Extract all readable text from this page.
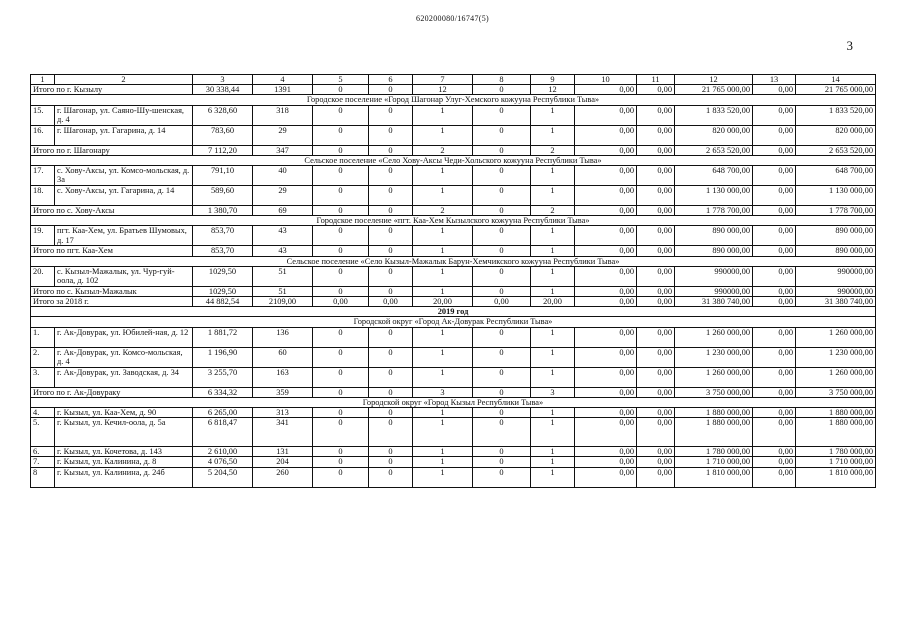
620200080/16747(5)
3
1	2	3	4	5	6	7	8	9	10	11	12	13	14
Итого по г. Кызылу		30 338,44	1391	0	0	12	0	12	0,00	0,00	21 765 000,00	0,00	21 765 000,00
Городское поселение «Город Шагонар Улуг-Хемского кожууна Республики Тыва»													
15.	г. Шагонар, ул. Саяно-Шу-шенская, д. 4	6 328,60	318	0	0	1	0	1	0,00	0,00	1 833 520,00	0,00	1 833 520,00
16.	г. Шагонар, ул. Гагарина, д. 14	783,60	29	0	0	1	0	1	0,00	0,00	820 000,00	0,00	820 000,00
Итого по г. Шагонару		7 112,20	347	0	0	2	0	2	0,00	0,00	2 653 520,00	0,00	2 653 520,00
Сельское поселение «Село Хову-Аксы Чеди-Хольского кожууна Республики Тыва»													
17.	с. Хову-Аксы, ул. Комсо-мольская, д. 3а	791,10	40	0	0	1	0	1	0,00	0,00	648 700,00	0,00	648 700,00
18.	с. Хову-Аксы, ул. Гагарина, д. 14	589,60	29	0	0	1	0	1	0,00	0,00	1 130 000,00	0,00	1 130 000,00
Итого по с. Хову-Аксы		1 380,70	69	0	0	2	0	2	0,00	0,00	1 778 700,00	0,00	1 778 700,00
Городское поселение «пгт. Каа-Хем Кызылского кожууна Республики Тыва»													
19.	пгт. Каа-Хем, ул. Братьев Шумовых, д. 17	853,70	43	0	0	1	0	1	0,00	0,00	890 000,00	0,00	890 000,00
Итого по пгт. Каа-Хем		853,70	43	0	0	1	0	1	0,00	0,00	890 000,00	0,00	890 000,00
Сельское поселение «Село Кызыл-Мажалык Барун-Хемчикского кожууна Республики Тыва»													
20.	с. Кызыл-Мажалык, ул. Чур-гуй-оола, д. 102	1029,50	51	0	0	1	0	1	0,00	0,00	990000,00	0,00	990000,00
Итого по с. Кызыл-Мажалык		1029,50	51	0	0	1	0	1	0,00	0,00	990000,00	0,00	990000,00
Итого за 2018 г.		44 882,54	2109,00	0,00	0,00	20,00	0,00	20,00	0,00	0,00	31 380 740,00	0,00	31 380 740,00
2019 год													
Городской округ «Город Ак-Довурак Республики Тыва»													
1.	г. Ак-Довурак, ул. Юбилей-ная, д. 12	1 881,72	136	0	0	1	0	1	0,00	0,00	1 260 000,00	0,00	1 260 000,00
2.	г. Ак-Довурак, ул. Комсо-мольская, д. 4	1 196,90	60	0	0	1	0	1	0,00	0,00	1 230 000,00	0,00	1 230 000,00
3.	г. Ак-Довурак, ул. Заводская, д. 34	3 255,70	163	0	0	1	0	1	0,00	0,00	1 260 000,00	0,00	1 260 000,00
Итого по г. Ак-Довураку		6 334,32	359	0	0	3	0	3	0,00	0,00	3 750 000,00	0,00	3 750 000,00
Городской округ «Город Кызыл Республики Тыва»													
4.	г. Кызыл, ул. Каа-Хем, д. 90	6 265,00	313	0	0	1	0	1	0,00	0,00	1 880 000,00	0,00	1 880 000,00
5.	г. Кызыл, ул. Кечил-оола, д. 5а	6 818,47	341	0	0	1	0	1	0,00	0,00	1 880 000,00	0,00	1 880 000,00
6.	г. Кызыл, ул. Кочетова, д. 143	2 610,00	131	0	0	1	0	1	0,00	0,00	1 780 000,00	0,00	1 780 000,00
7.	г. Кызыл, ул. Калинина, д. 8	4 076,50	204	0	0	1	0	1	0,00	0,00	1 710 000,00	0,00	1 710 000,00
8	г. Кызыл, ул. Калинина, д. 24б	5 204,50	260	0	0	1	0	1	0,00	0,00	1 810 000,00	0,00	1 810 000,00
